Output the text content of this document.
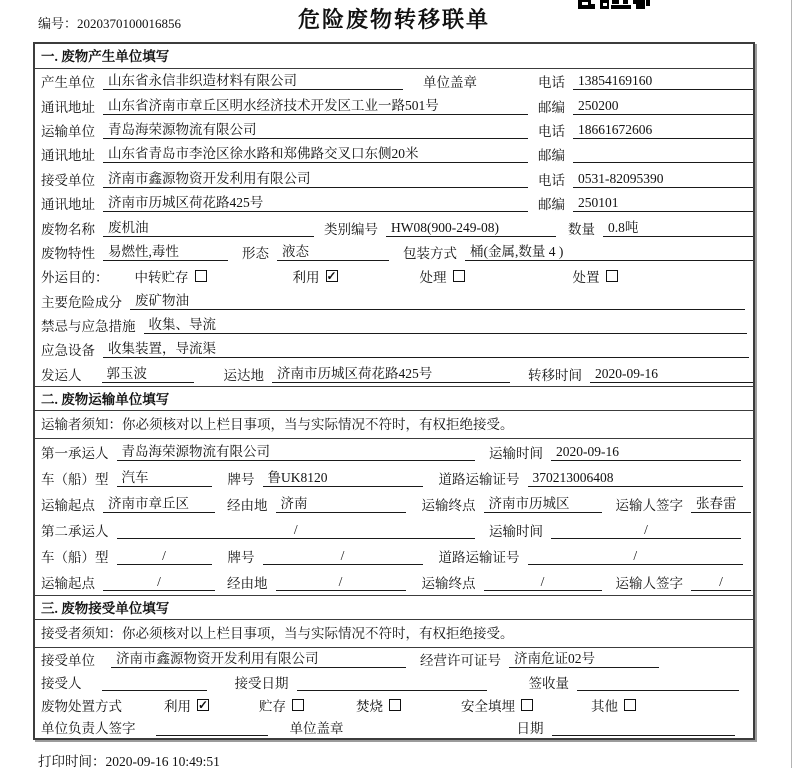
编号：2020370100016856	危险废物转移联单
一. 废物产生单位填写
产生单位 山东省永信非织造材料有限公司	单位盖章	电话 13854169160
通讯地址 山东省济南市章丘区明水经济技术开发区工业一路501号	邮编 250200
运输单位 青岛海荣源物流有限公司	电话 18661672606
通讯地址 山东省青岛市李沧区徐水路和郑佛路交叉口东侧20米	邮编
接受单位 济南市鑫源物资开发利用有限公司	电话 0531-82095390
通讯地址 济南市历城区荷花路425号	邮编 250101
废物名称 废机油	类别编号 HW08(900-249-08)	数量 0.8吨
废物特性 易燃性,毒性	形态 液态	包装方式 桶(金属,数量 4 )
外运目的：	中转贮存	利用 ✓	处理	处置
主要危险成分 废矿物油
禁忌与应急措施 收集、导流
应急设备 收集装置，导流渠
发运人	郭玉波	运达地 济南市历城区荷花路425号	转移时间 2020-09-16
二. 废物运输单位填写
运输者须知：你必须核对以上栏目事项，当与实际情况不符时，有权拒绝接受。
第一承运人 青岛海荣源物流有限公司	运输时间 2020-09-16
车（船）型 汽车	牌号 鲁UK8120	道路运输证号 370213006408
运输起点 济南市章丘区	经由地 济南	运输终点 济南市历城区	运输人签字 张春雷
第二承运人	/	运输时间	/
车（船）型	/	牌号	/	道路运输证号	/
运输起点	/	经由地	/	运输终点	/	运输人签字	/
三. 废物接受单位填写
接受者须知：你必须核对以上栏目事项，当与实际情况不符时，有权拒绝接受。
接受单位	济南市鑫源物资开发利用有限公司	经营许可证号 济南危证02号
接受人	接受日期	签收量
废物处置方式	利用 ✓	贮存	焚烧	安全填埋	其他
单位负责人签字	单位盖章	日期
打印时间：2020-09-16 10:49:51
